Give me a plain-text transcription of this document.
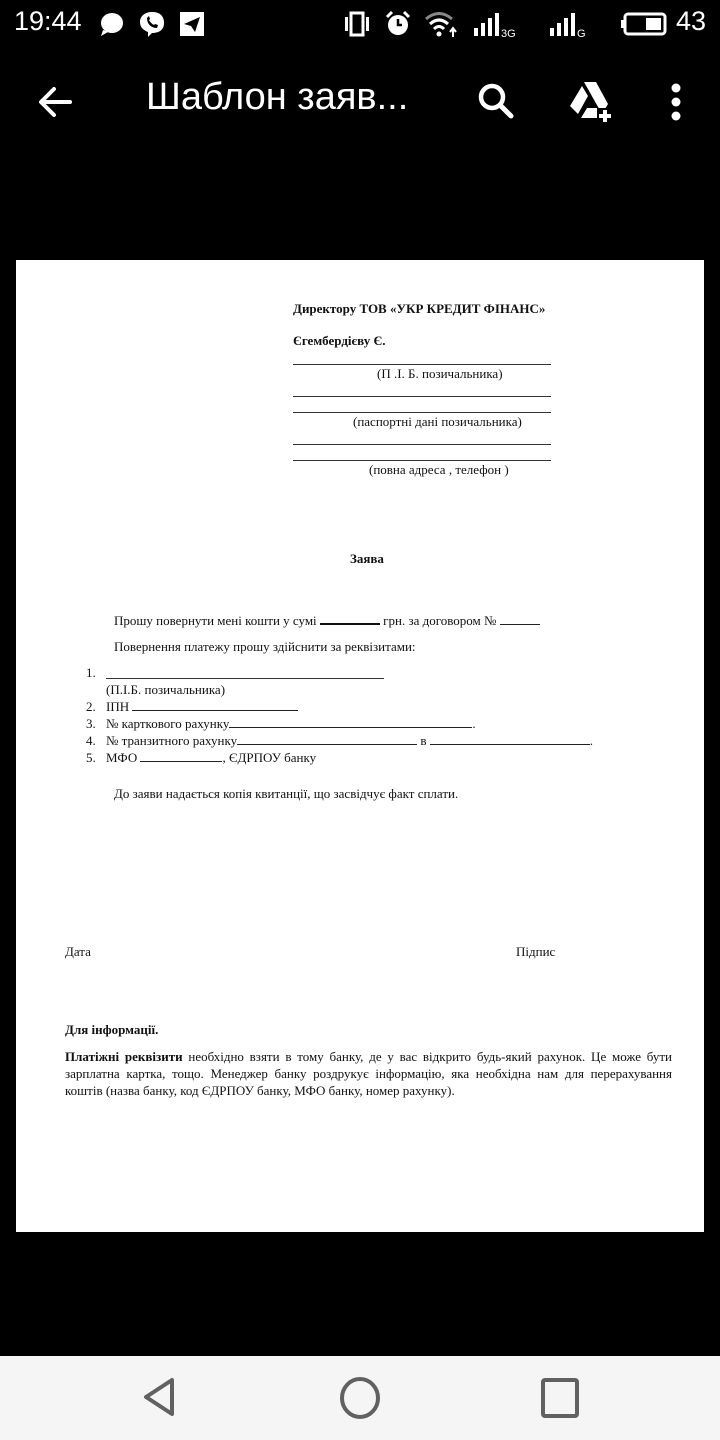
19:44	3G	G	43
Шаблон заяв...
Директору ТОВ «УКР КРЕДИТ ФІНАНС»
Єгембердієву Є.
(П .І. Б. позичальника)
(паспортні дані позичальника)
(повна адреса , телефон )
Заява
Прошу повернути мені кошти у сумі	грн. за договором №
Повернення платежу прошу здійснити за реквізитами:
1.
(П.І.Б. позичальника)
2. ІПН
3. № карткового рахунку	.
4. № транзитного рахунку	в	.
5. МФО	, ЄДРПОУ банку
До заяви надається копія квитанції, що засвідчує факт сплати.
Дата	Підпис
Для інформації.
Платіжні реквізити необхідно взяти в тому банку, де у вас відкрито будь-який рахунок. Це може бути зарплатна картка, тощо. Менеджер банку роздрукує інформацію, яка необхідна нам для перерахування коштів (назва банку, код ЄДРПОУ банку, МФО банку, номер рахунку).
